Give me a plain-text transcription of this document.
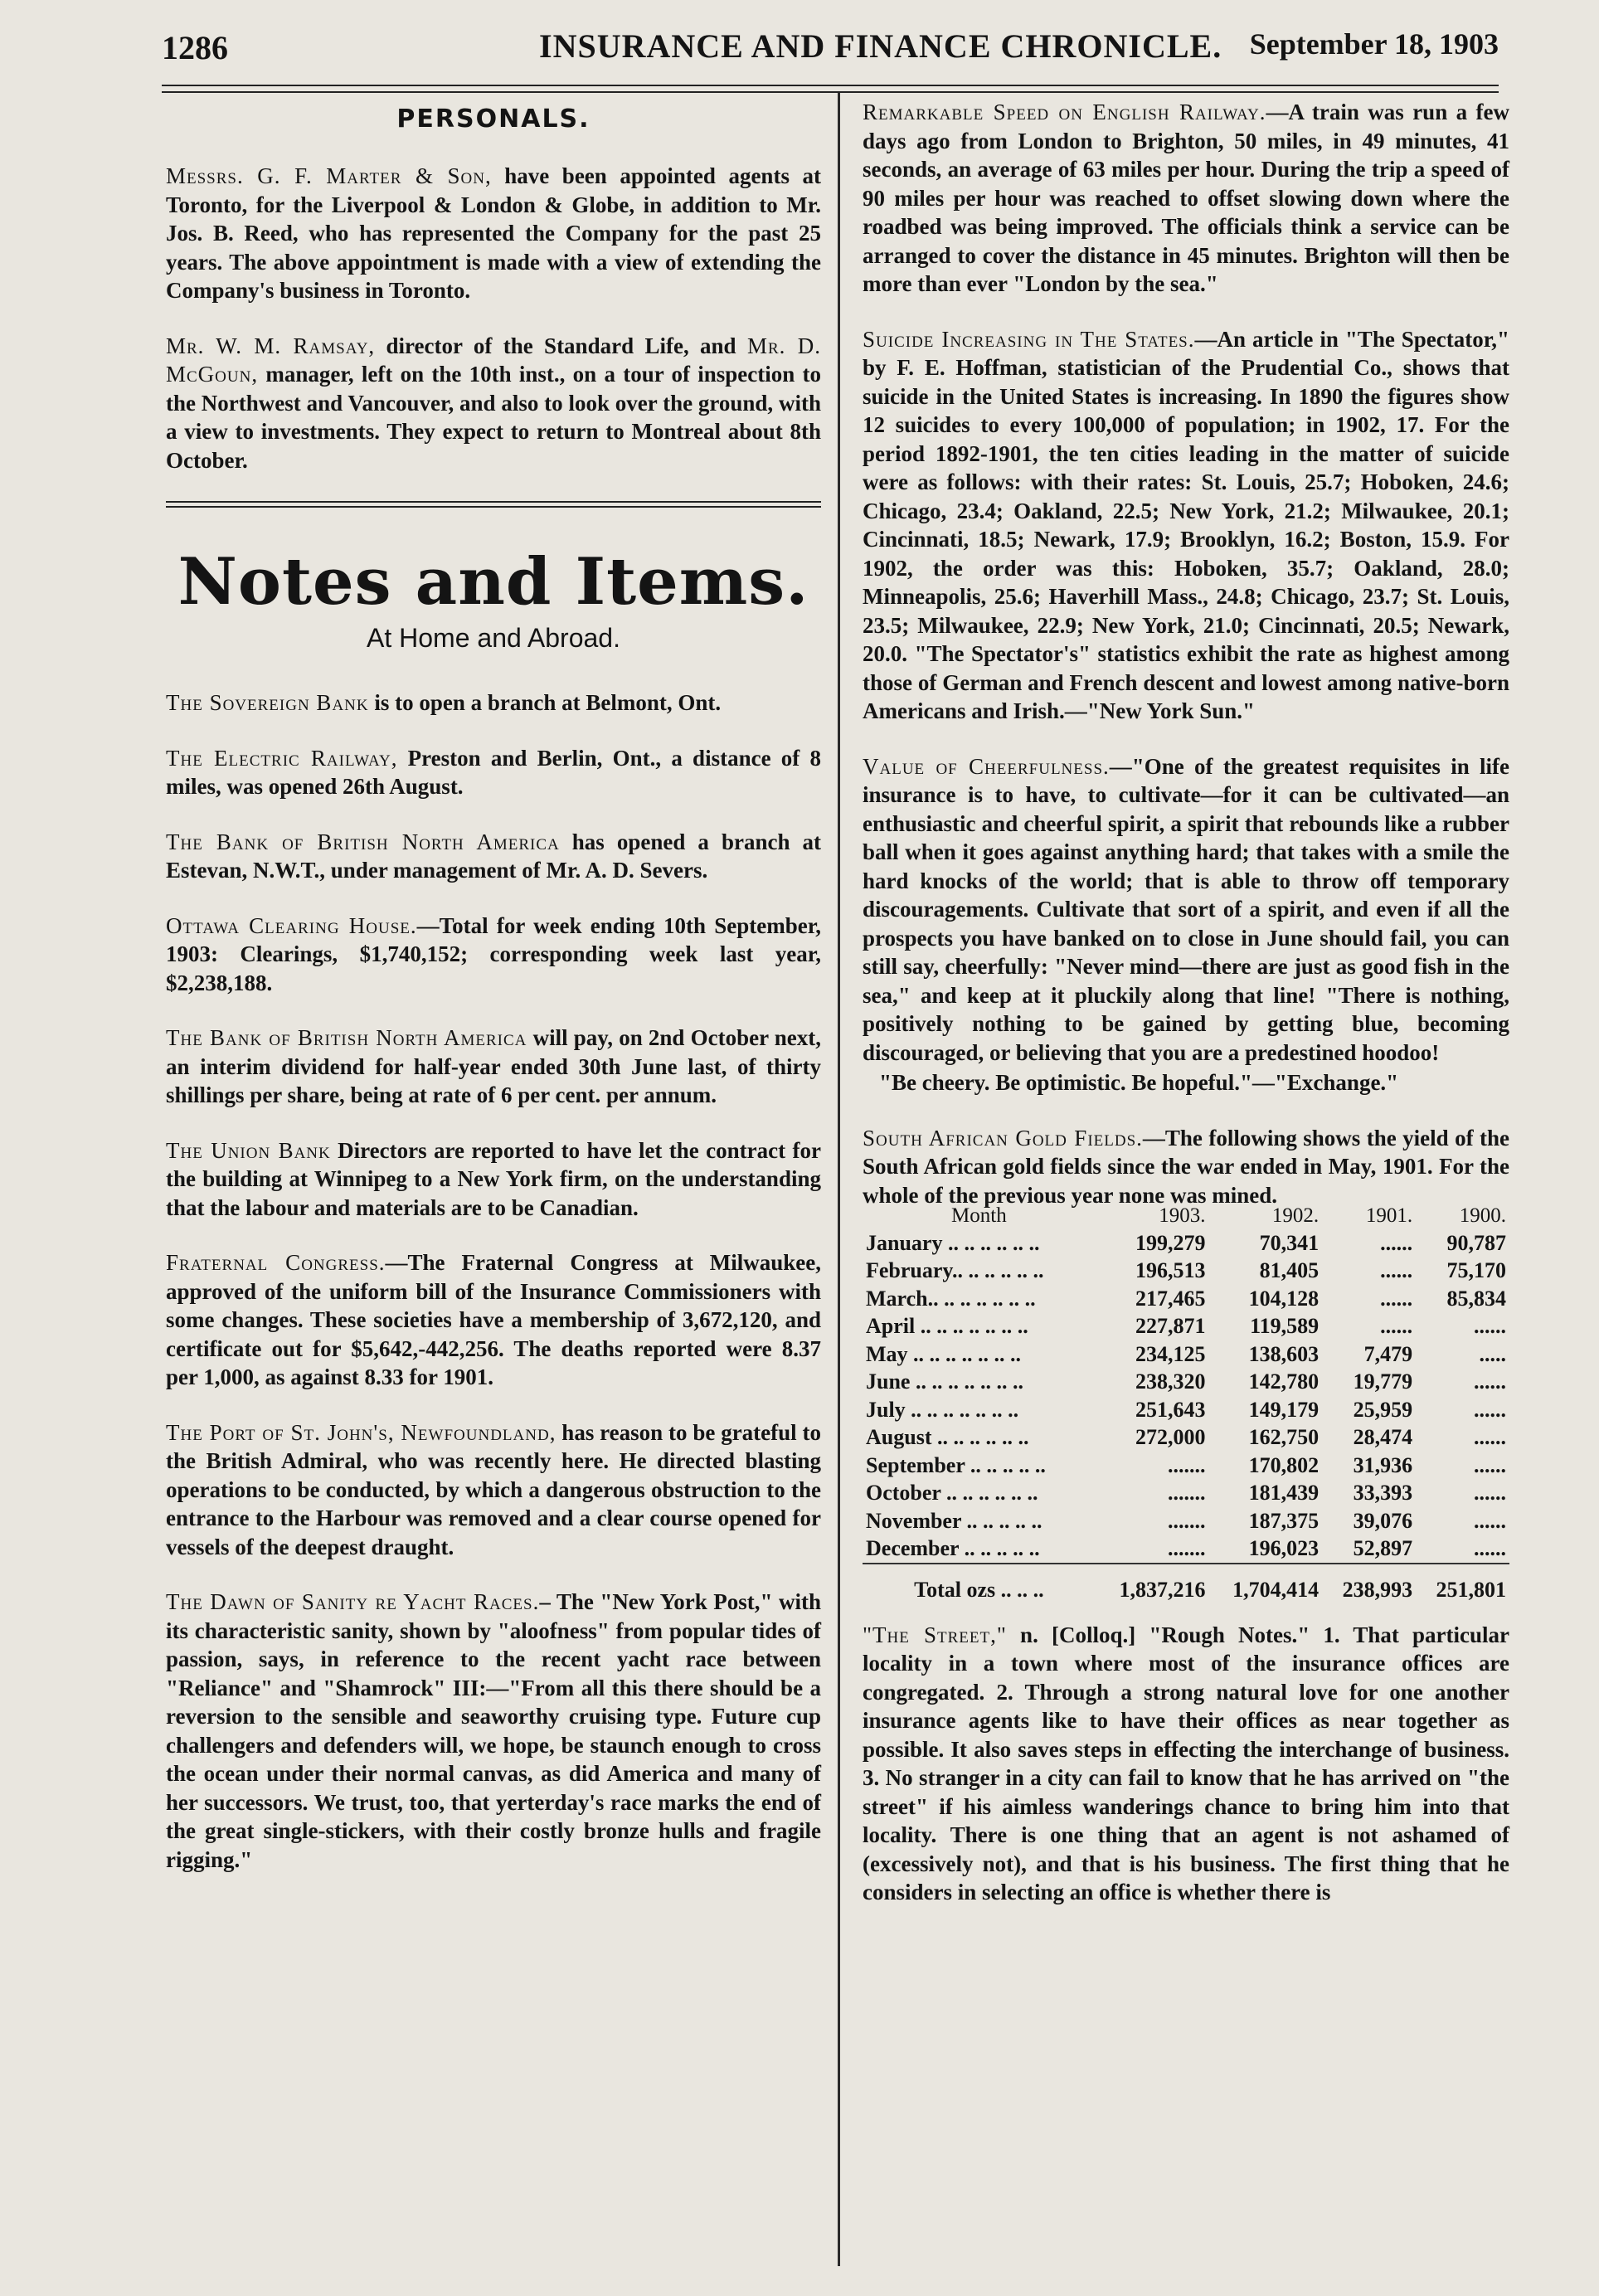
1286	INSURANCE AND FINANCE CHRONICLE. September 18, 1903
PERSONALS.

Messrs. G. F. Marter & Son, have been appointed agents at Toronto, for the Liverpool & London & Globe, in addition to Mr. Jos. B. Reed, who has represented the Company for the past 25 years. The above appointment is made with a view of extending the Company's business in Toronto.

Mr. W. M. Ramsay, director of the Standard Life, and Mr. D. McGoun, manager, left on the 10th inst., on a tour of inspection to the Northwest and Vancouver, and also to look over the ground, with a view to investments. They expect to return to Montreal about 8th October.

Notes and Items.
At Home and Abroad.

The Sovereign Bank is to open a branch at Belmont, Ont.

The Electric Railway, Preston and Berlin, Ont., a distance of 8 miles, was opened 26th August.

The Bank of British North America has opened a branch at Estevan, N.W.T., under management of Mr. A. D. Severs.

Ottawa Clearing House.—Total for week ending 10th September, 1903: Clearings, $1,740,152; corresponding week last year, $2,238,188.

The Bank of British North America will pay, on 2nd October next, an interim dividend for half-year ended 30th June last, of thirty shillings per share, being at rate of 6 per cent. per annum.

The Union Bank Directors are reported to have let the contract for the building at Winnipeg to a New York firm, on the understanding that the labour and materials are to be Canadian.

Fraternal Congress.—The Fraternal Congress at Milwaukee, approved of the uniform bill of the Insurance Commissioners with some changes. These societies have a membership of 3,672,120, and certificate out for $5,642,-442,256. The deaths reported were 8.37 per 1,000, as against 8.33 for 1901.

The Port of St. John's, Newfoundland, has reason to be grateful to the British Admiral, who was recently here. He directed blasting operations to be conducted, by which a dangerous obstruction to the entrance to the Harbour was removed and a clear course opened for vessels of the deepest draught.

The Dawn of Sanity re Yacht Races.– The "New York Post," with its characteristic sanity, shown by "aloofness" from popular tides of passion, says, in reference to the recent yacht race between "Reliance" and "Shamrock" III:—"From all this there should be a reversion to the sensible and seaworthy cruising type. Future cup challengers and defenders will, we hope, be staunch enough to cross the ocean under their normal canvas, as did America and many of her successors. We trust, too, that yerterday's race marks the end of the great single-stickers, with their costly bronze hulls and fragile rigging."

Remarkable Speed on English Railway.—A train was run a few days ago from London to Brighton, 50 miles, in 49 minutes, 41 seconds, an average of 63 miles per hour. During the trip a speed of 90 miles per hour was reached to offset slowing down where the roadbed was being improved. The officials think a service can be arranged to cover the distance in 45 minutes. Brighton will then be more than ever "London by the sea."

Suicide Increasing in The States.—An article in "The Spectator," by F. E. Hoffman, statistician of the Prudential Co., shows that suicide in the United States is increasing. In 1890 the figures show 12 suicides to every 100,000 of population; in 1902, 17. For the period 1892-1901, the ten cities leading in the matter of suicide were as follows: with their rates: St. Louis, 25.7; Hoboken, 24.6; Chicago, 23.4; Oakland, 22.5; New York, 21.2; Milwaukee, 20.1; Cincinnati, 18.5; Newark, 17.9; Brooklyn, 16.2; Boston, 15.9. For 1902, the order was this: Hoboken, 35.7; Oakland, 28.0; Minneapolis, 25.6; Haverhill Mass., 24.8; Chicago, 23.7; St. Louis, 23.5; Milwaukee, 22.9; New York, 21.0; Cincinnati, 20.5; Newark, 20.0. "The Spectator's" statistics exhibit the rate as highest among those of German and French descent and lowest among native-born Americans and Irish.—"New York Sun."

Value of Cheerfulness.—"One of the greatest requisites in life insurance is to have, to cultivate—for it can be cultivated—an enthusiastic and cheerful spirit, a spirit that rebounds like a rubber ball when it goes against anything hard; that takes with a smile the hard knocks of the world; that is able to throw off temporary discouragements. Cultivate that sort of a spirit, and even if all the prospects you have banked on to close in June should fail, you can still say, cheerfully: "Never mind—there are just as good fish in the sea," and keep at it pluckily along that line! "There is nothing, positively nothing to be gained by getting blue, becoming discouraged, or believing that you are a predestined hoodoo!

"Be cheery. Be optimistic. Be hopeful."—"Exchange."

South African Gold Fields.—The following shows the yield of the South African gold fields since the war ended in May, 1901. For the whole of the previous year none was mined.

Month	1903.	1902.	1901.	1900.
January .. .. .. .. .. ..	199,279	70,341	......	90,787
February.. .. .. .. .. ..	196,513	81,405	......	75,170
March.. .. .. .. .. .. ..	217,465	104,128	......	85,834
April .. .. .. .. .. .. ..	227,871	119,589	......	......
May .. .. .. .. .. .. ..	234,125	138,603	7,479	.....
June .. .. .. .. .. .. ..	238,320	142,780	19,779	......
July .. .. .. .. .. .. ..	251,643	149,179	25,959	......
August .. .. .. .. .. ..	272,000	162,750	28,474	......
September .. .. .. .. ..	.......	170,802	31,936	......
October .. .. .. .. .. ..	.......	181,439	33,393	......
November .. .. .. .. ..	.......	187,375	39,076	......
December .. .. .. .. ..	.......	196,023	52,897	......
Total ozs .. .. ..	1,837,216	1,704,414	238,993	251,801

"The Street," n. [Colloq.] "Rough Notes." 1. That particular locality in a town where most of the insurance offices are congregated. 2. Through a strong natural love for one another insurance agents like to have their offices as near together as possible. It also saves steps in effecting the interchange of business. 3. No stranger in a city can fail to know that he has arrived on "the street" if his aimless wanderings chance to bring him into that locality. There is one thing that an agent is not ashamed of (excessively not), and that is his business. The first thing that he considers in selecting an office is whether there is
